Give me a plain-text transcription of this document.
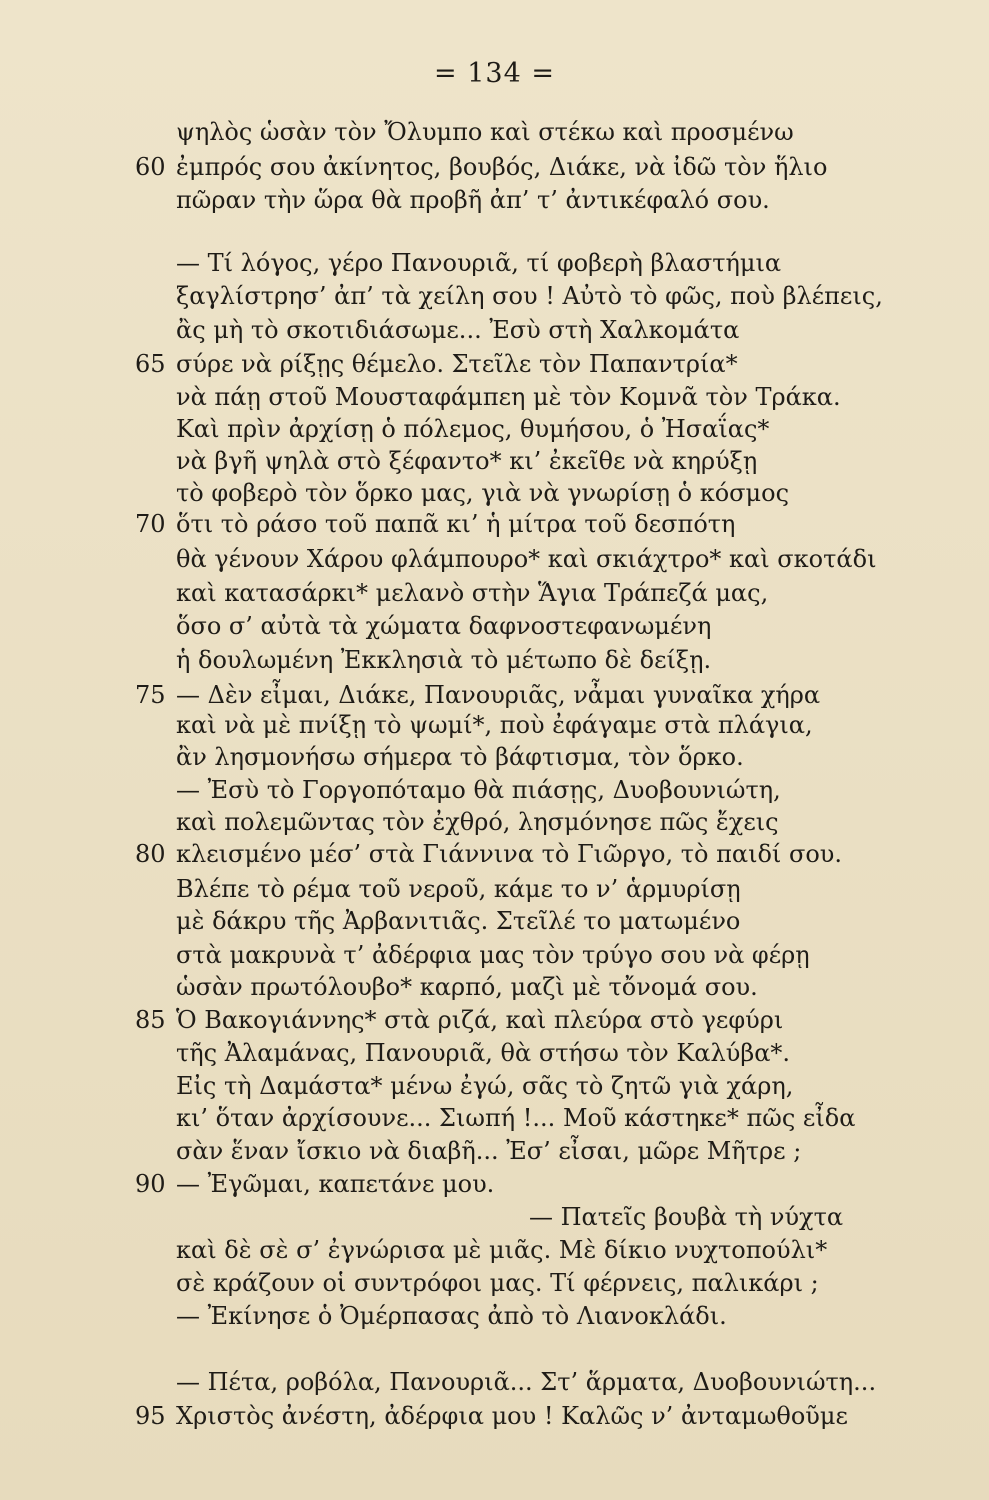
= 134 =
60
65
70
75
80
85
90
95
ψηλὸς ὡσὰν τὸν Ὄλυμπο καὶ στέκω καὶ προσμένω
ἐμπρός σου ἀκίνητος, βουβός, Διάκε, νὰ ἰδῶ τὸν ἥλιο
πῶραν τὴν ὥρα θὰ προβῆ ἀπ’ τ’ ἀντικέφαλό σου.
— Τί λόγος, γέρο Πανουριᾶ, τί φοβερὴ βλαστήμια
ξαγλίστρησ’ ἀπ’ τὰ χείλη σου ! Αὐτὸ τὸ φῶς, ποὺ βλέπεις,
ἂς μὴ τὸ σκοτιδιάσωμε... Ἐσὺ στὴ Χαλκομάτα
σύρε νὰ ρίξῃς θέμελο. Στεῖλε τὸν Παπαντρία*
νὰ πάῃ στοῦ Μουσταφάμπεη μὲ τὸν Κομνᾶ τὸν Τράκα.
Καὶ πρὶν ἀρχίσῃ ὁ πόλεμος, θυμήσου, ὁ Ἠσαΐας*
νὰ βγῆ ψηλὰ στὸ ξέφαντο* κι’ ἐκεῖθε νὰ κηρύξῃ
τὸ φοβερὸ τὸν ὅρκο μας, γιὰ νὰ γνωρίσῃ ὁ κόσμος
ὅτι τὸ ράσο τοῦ παπᾶ κι’ ἡ μίτρα τοῦ δεσπότη
θὰ γένουν Χάρου φλάμπουρο* καὶ σκιάχτρο* καὶ σκοτάδι
καὶ κατασάρκι* μελανὸ στὴν Ἅγια Τράπεζά μας,
ὅσο σ’ αὐτὰ τὰ χώματα δαφνοστεφανωμένη
ἡ δουλωμένη Ἐκκλησιὰ τὸ μέτωπο δὲ δείξῃ.
— Δὲν εἶμαι, Διάκε, Πανουριᾶς, νἆμαι γυναῖκα χήρα
καὶ νὰ μὲ πνίξῃ τὸ ψωμί*, ποὺ ἐφάγαμε στὰ πλάγια,
ἂν λησμονήσω σήμερα τὸ βάφτισμα, τὸν ὅρκο.
— Ἐσὺ τὸ Γοργοπόταμο θὰ πιάσῃς, Δυοβουνιώτη,
καὶ πολεμῶντας τὸν ἐχθρό, λησμόνησε πῶς ἔχεις
κλεισμένο μέσ’ στὰ Γιάννινα τὸ Γιῶργο, τὸ παιδί σου.
Βλέπε τὸ ρέμα τοῦ νεροῦ, κάμε το ν’ ἁρμυρίσῃ
μὲ δάκρυ τῆς Ἀρβανιτιᾶς. Στεῖλέ το ματωμένο
στὰ μακρυνὰ τ’ ἀδέρφια μας τὸν τρύγο σου νὰ φέρῃ
ὡσὰν πρωτόλουβο* καρπό, μαζὶ μὲ τὄνομά σου.
Ὁ Βακογιάννης* στὰ ριζά, καὶ πλεύρα στὸ γεφύρι
τῆς Ἀλαμάνας, Πανουριᾶ, θὰ στήσω τὸν Καλύβα*.
Εἰς τὴ Δαμάστα* μένω ἐγώ, σᾶς τὸ ζητῶ γιὰ χάρη,
κι’ ὅταν ἀρχίσουνε... Σιωπή !... Μοῦ κάστηκε* πῶς εἶδα
σὰν ἕναν ἴσκιο νὰ διαβῆ... Ἐσ’ εἶσαι, μῶρε Μῆτρε ;
— Ἐγῶμαι, καπετάνε μου.
— Πατεῖς βουβὰ τὴ νύχτα
καὶ δὲ σὲ σ’ ἐγνώρισα μὲ μιᾶς. Μὲ δίκιο νυχτοπούλι*
σὲ κράζουν οἱ συντρόφοι μας. Τί φέρνεις, παλικάρι ;
— Ἐκίνησε ὁ Ὀμέρπασας ἀπὸ τὸ Λιανοκλάδι.
— Πέτα, ροβόλα, Πανουριᾶ... Στ’ ἅρματα, Δυοβουνιώτη...
Χριστὸς ἀνέστη, ἀδέρφια μου ! Καλῶς ν’ ἀνταμωθοῦμε
